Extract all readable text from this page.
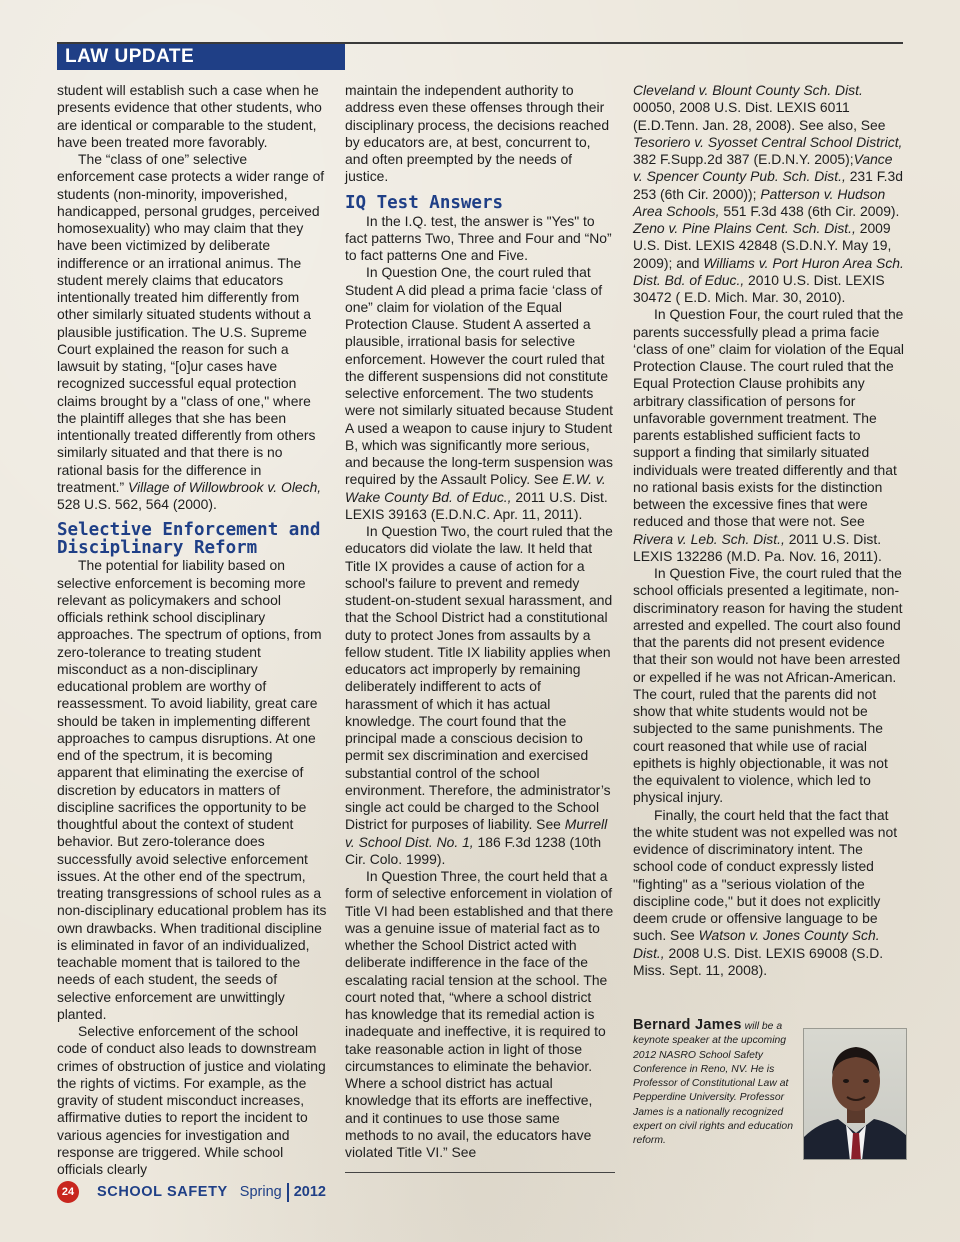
LAW UPDATE

student will establish such a case when he presents evidence that other students, who are identical or comparable to the student, have been treated more favorably.

The “class of one” selective enforcement case protects a wider range of students (non-minority, impoverished, handicapped, personal grudges, perceived homosexuality) who may claim that they have been victimized by deliberate indifference or an irrational animus. The student merely claims that educators intentionally treated him differently from other similarly situated students without a plausible justification. The U.S. Supreme Court explained the reason for such a lawsuit by stating, “[o]ur cases have recognized successful equal protection claims brought by a "class of one," where the plaintiff alleges that she has been intentionally treated differently from others similarly situated and that there is no rational basis for the difference in treatment.” Village of Willowbrook v. Olech, 528 U.S. 562, 564 (2000).

Selective Enforcement and Disciplinary Reform

The potential for liability based on selective enforcement is becoming more relevant as policymakers and school officials rethink school disciplinary approaches. The spectrum of options, from zero-tolerance to treating student misconduct as a non-disciplinary educational problem are worthy of reassessment. To avoid liability, great care should be taken in implementing different approaches to campus disruptions. At one end of the spectrum, it is becoming apparent that eliminating the exercise of discretion by educators in matters of discipline sacrifices the opportunity to be thoughtful about the context of student behavior. But zero-tolerance does successfully avoid selective enforcement issues. At the other end of the spectrum, treating transgressions of school rules as a non-disciplinary educational problem has its own drawbacks. When traditional discipline is eliminated in favor of an individualized, teachable moment that is tailored to the needs of each student, the seeds of selective enforcement are unwittingly planted.

Selective enforcement of the school code of conduct also leads to downstream crimes of obstruction of justice and violating the rights of victims. For example, as the gravity of student misconduct increases, affirmative duties to report the incident to various agencies for investigation and response are triggered. While school officials clearly

maintain the independent authority to address even these offenses through their disciplinary process, the decisions reached by educators are, at best, concurrent to, and often preempted by the needs of justice.

IQ Test Answers

In the I.Q. test, the answer is "Yes" to fact patterns Two, Three and Four and “No” to fact patterns One and Five.

In Question One, the court ruled that Student A did plead a prima facie ‘class of one” claim for violation of the Equal Protection Clause. Student A asserted a plausible, irrational basis for selective enforcement. However the court ruled that the different suspensions did not constitute selective enforcement. The two students were not similarly situated because Student A used a weapon to cause injury to Student B, which was significantly more serious, and because the long-term suspension was required by the Assault Policy. See E.W. v. Wake County Bd. of Educ., 2011 U.S. Dist. LEXIS 39163 (E.D.N.C. Apr. 11, 2011).

In Question Two, the court ruled that the educators did violate the law. It held that Title IX provides a cause of action for a school's failure to prevent and remedy student-on-student sexual harassment, and that the School District had a constitutional duty to protect Jones from assaults by a fellow student. Title IX liability applies when educators act improperly by remaining deliberately indifferent to acts of harassment of which it has actual knowledge. The court found that the principal made a conscious decision to permit sex discrimination and exercised substantial control of the school environment. Therefore, the administrator’s single act could be charged to the School District for purposes of liability. See Murrell v. School Dist. No. 1, 186 F.3d 1238 (10th Cir. Colo. 1999).

In Question Three, the court held that a form of selective enforcement in violation of Title VI had been established and that there was a genuine issue of material fact as to whether the School District acted with deliberate indifference in the face of the escalating racial tension at the school. The court noted that, “where a school district has knowledge that its remedial action is inadequate and ineffective, it is required to take reasonable action in light of those circumstances to eliminate the behavior. Where a school district has actual knowledge that its efforts are ineffective, and it continues to use those same methods to no avail, the educators have violated Title VI.” See

Cleveland v. Blount County Sch. Dist. 00050, 2008 U.S. Dist. LEXIS 6011 (E.D.Tenn. Jan. 28, 2008). See also, See Tesoriero v. Syosset Central School District, 382 F.Supp.2d 387 (E.D.N.Y. 2005);Vance v. Spencer County Pub. Sch. Dist., 231 F.3d 253 (6th Cir. 2000)); Patterson v. Hudson Area Schools, 551 F.3d 438 (6th Cir. 2009). Zeno v. Pine Plains Cent. Sch. Dist., 2009 U.S. Dist. LEXIS 42848 (S.D.N.Y. May 19, 2009); and Williams v. Port Huron Area Sch. Dist. Bd. of Educ., 2010 U.S. Dist. LEXIS 30472 ( E.D. Mich. Mar. 30, 2010).

In Question Four, the court ruled that the parents successfully plead a prima facie ‘class of one” claim for violation of the Equal Protection Clause. The court ruled that the Equal Protection Clause prohibits any arbitrary classification of persons for unfavorable government treatment. The parents established sufficient facts to support a finding that similarly situated individuals were treated differently and that no rational basis exists for the distinction between the excessive fines that were reduced and those that were not. See Rivera v. Leb. Sch. Dist., 2011 U.S. Dist. LEXIS 132286 (M.D. Pa. Nov. 16, 2011).

In Question Five, the court ruled that the school officials presented a legitimate, non-discriminatory reason for having the student arrested and expelled. The court also found that the parents did not present evidence that their son would not have been arrested or expelled if he was not African-American. The court, ruled that the parents did not show that white students would not be subjected to the same punishments. The court reasoned that while use of racial epithets is highly objectionable, it was not the equivalent to violence, which led to physical injury.

Finally, the court held that the fact that the white student was not expelled was not evidence of discriminatory intent. The school code of conduct expressly listed "fighting" as a "serious violation of the discipline code," but it does not explicitly deem crude or offensive language to be such. See Watson v. Jones County Sch. Dist., 2008 U.S. Dist. LEXIS 69008 (S.D. Miss. Sept. 11, 2008).

Bernard James will be a keynote speaker at the upcoming 2012 NASRO School Safety Conference in Reno, NV. He is Professor of Constitutional Law at Pepperdine University. Professor James is a nationally recognized expert on civil rights and education reform.

24	SCHOOL SAFETY Spring 2012
